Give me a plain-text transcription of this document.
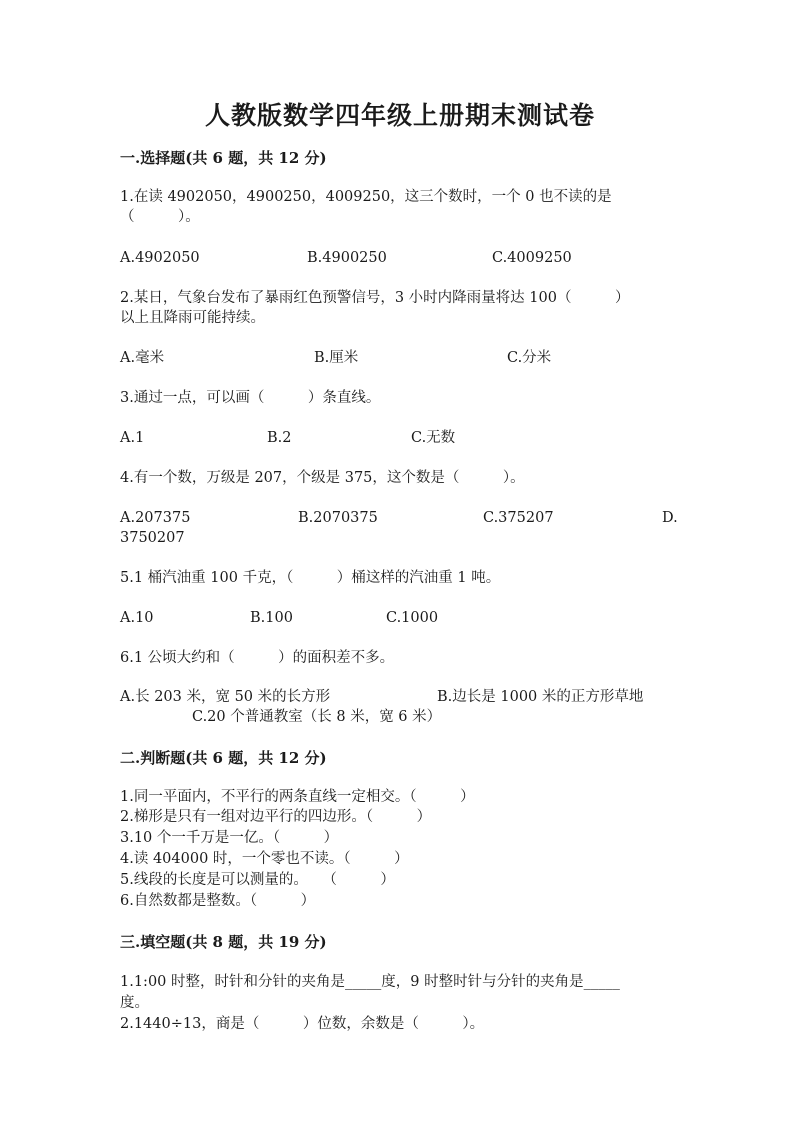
人教版数学四年级上册期末测试卷
一.选择题(共 6 题，共 12 分)
1.在读 4902050，4900250，4009250，这三个数时，一个 0 也不读的是
（　　　）。
A.4902050	B.4900250	C.4009250
2.某日，气象台发布了暴雨红色预警信号，3 小时内降雨量将达 100（　　　）
以上且降雨可能持续。
A.毫米	B.厘米	C.分米
3.通过一点，可以画（　　　）条直线。
A.1	B.2	C.无数
4.有一个数，万级是 207，个级是 375，这个数是（　　　）。
A.207375	B.2070375	C.375207	D.
3750207
5.1 桶汽油重 100 千克，（　　　）桶这样的汽油重 1 吨。
A.10	B.100	C.1000
6.1 公顷大约和（　　　）的面积差不多。
A.长 203 米，宽 50 米的长方形	B.边长是 1000 米的正方形草地
C.20 个普通教室（长 8 米，宽 6 米）
二.判断题(共 6 题，共 12 分)
1.同一平面内，不平行的两条直线一定相交。（　　　）
2.梯形是只有一组对边平行的四边形。（　　　）
3.10 个一千万是一亿。（　　　）
4.读 404000 时，一个零也不读。（　　　）
5.线段的长度是可以测量的。　　（　　　）
6.自然数都是整数。（　　　）
三.填空题(共 8 题，共 19 分)
1.1:00 时整，时针和分针的夹角是_____度，9 时整时针与分针的夹角是_____
度。
2.1440÷13，商是（　　　）位数，余数是（　　　）。
